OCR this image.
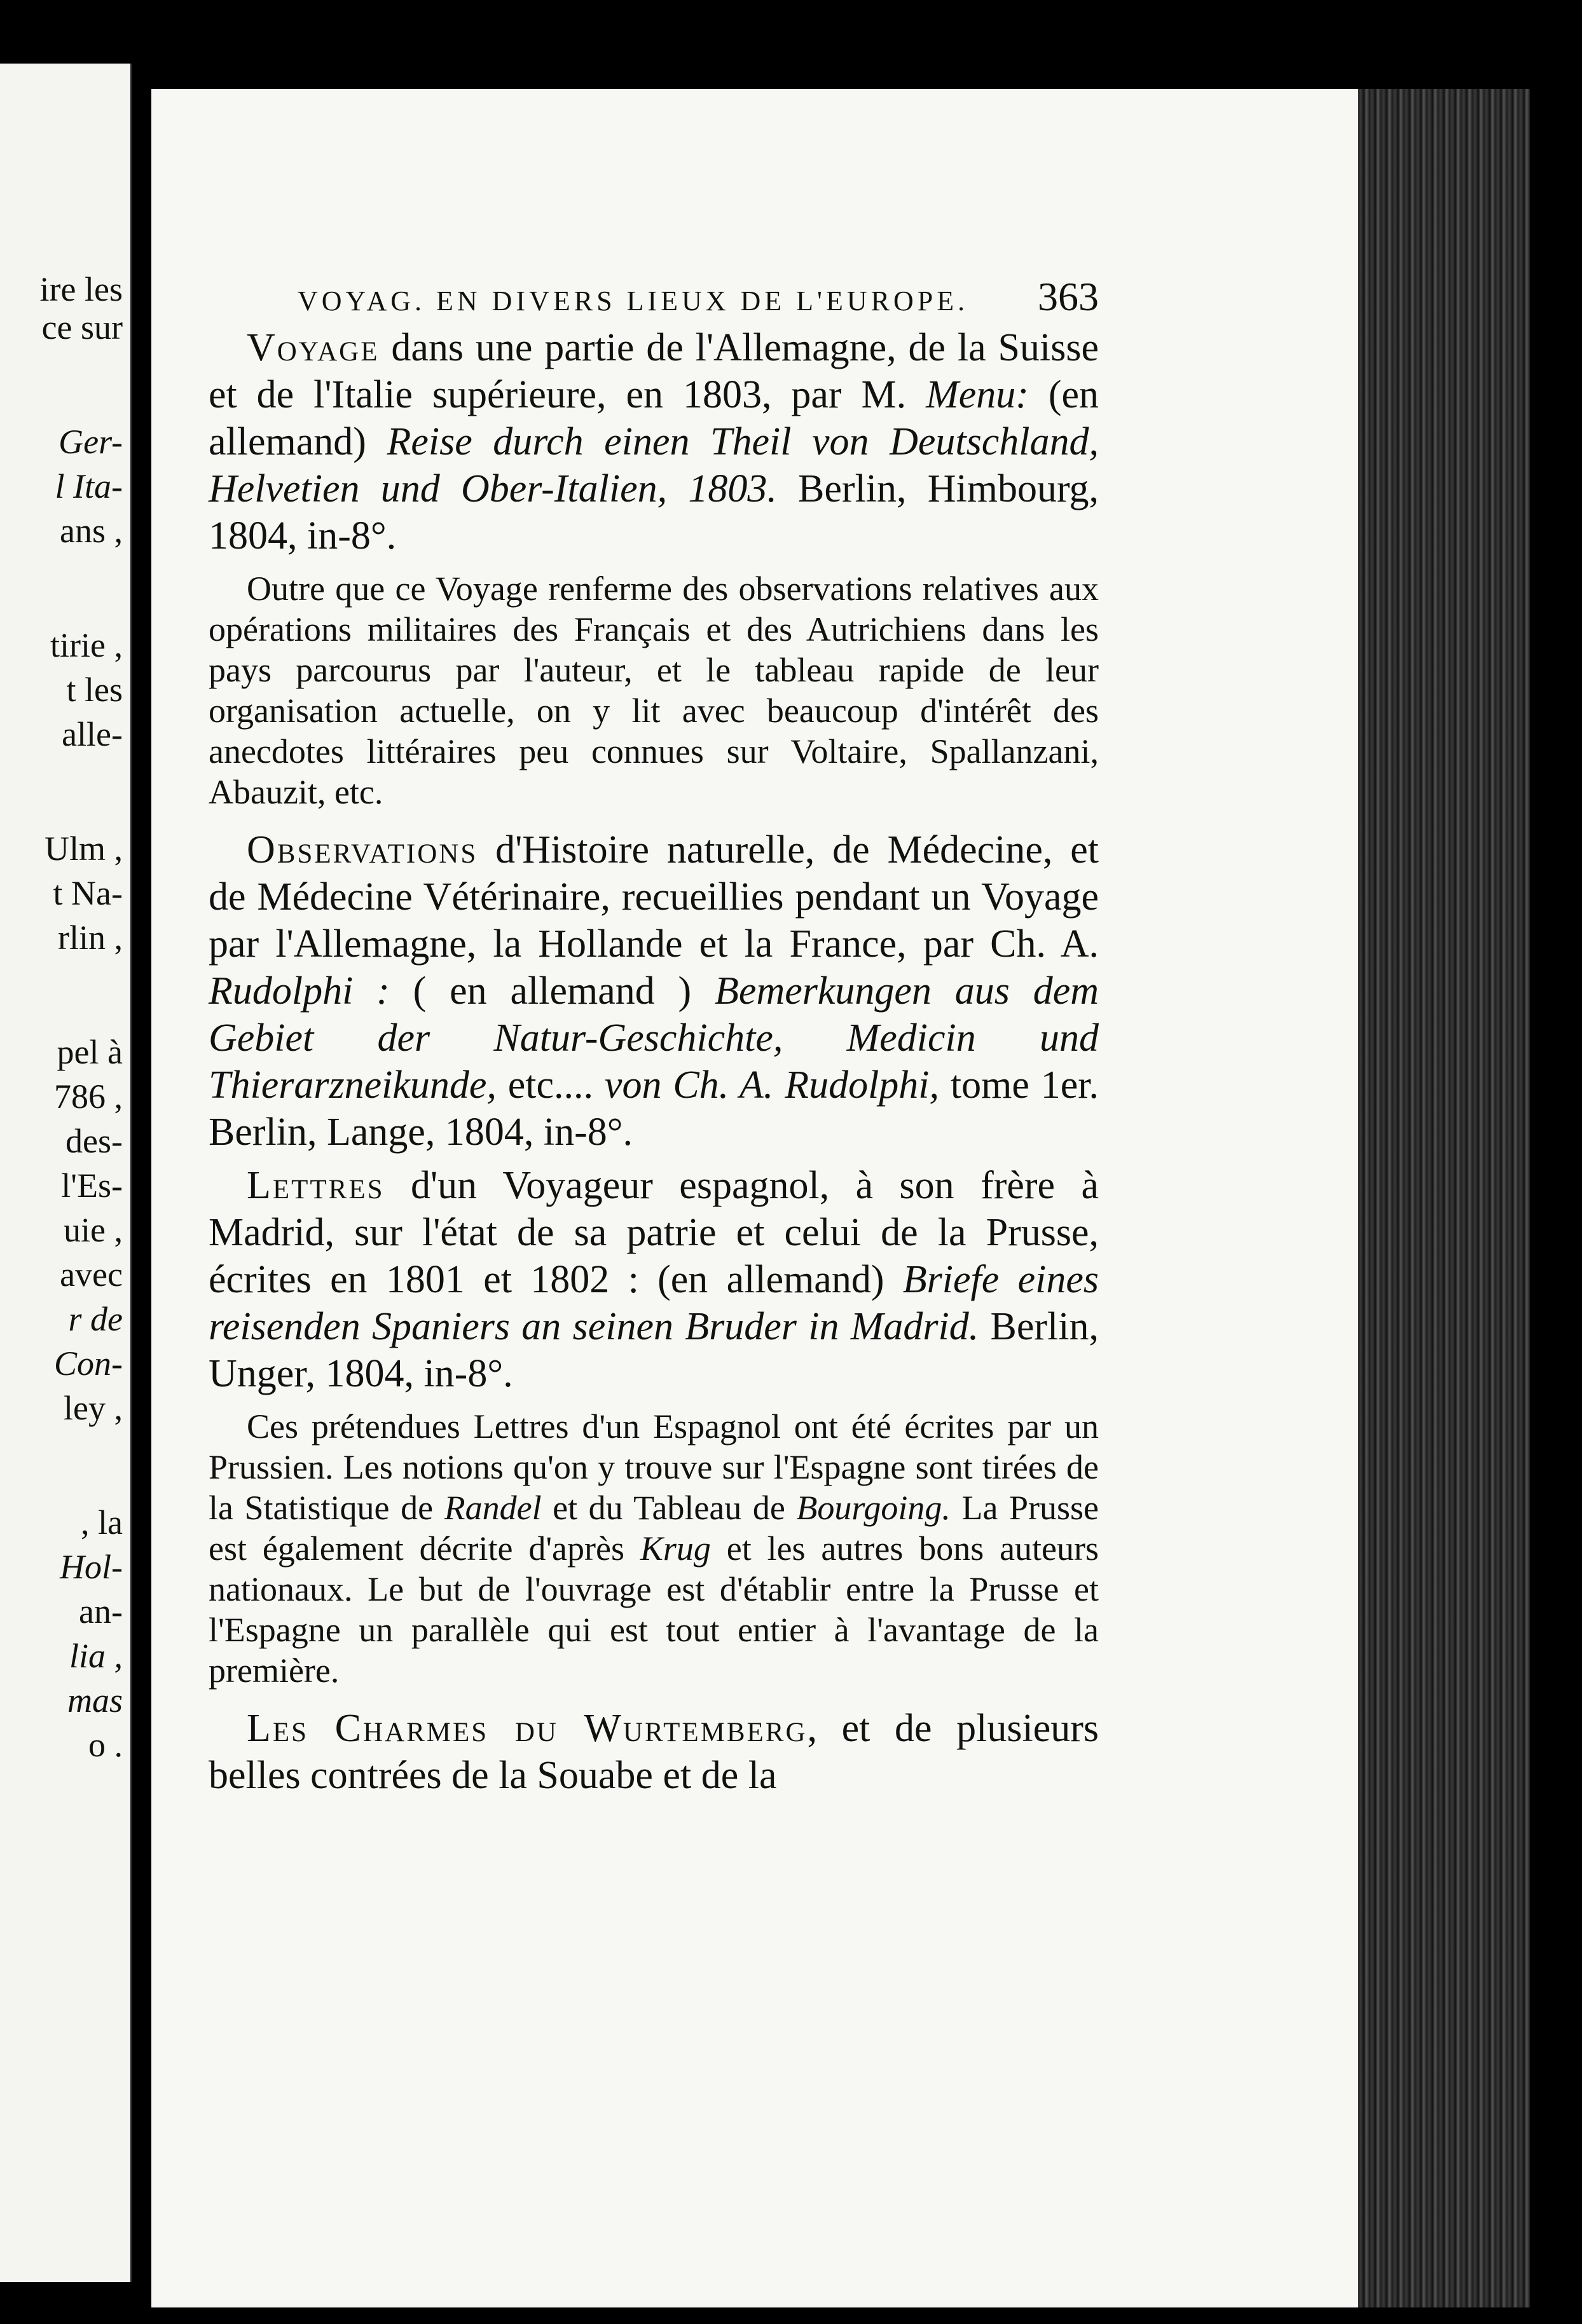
ire les
ce sur
Ger-
l Ita-
ans ,
tirie ,
t les
alle-
Ulm ,
t Na-
rlin ,
pel à
786 ,
des-
l'Es-
uie ,
avec
r de
Con-
ley ,
, la
Hol-
an-
lia ,
mas
o .
VOYAG. EN DIVERS LIEUX DE L'EUROPE. 363

Voyage dans une partie de l'Allemagne, de la Suisse et de l'Italie supérieure, en 1803, par M. Menu: (en allemand) Reise durch einen Theil von Deutschland, Helvetien und Ober-Italien, 1803. Berlin, Himbourg, 1804, in-8°.

Outre que ce Voyage renferme des observations relatives aux opérations militaires des Français et des Autrichiens dans les pays parcourus par l'auteur, et le tableau rapide de leur organisation actuelle, on y lit avec beaucoup d'intérêt des anecdotes littéraires peu connues sur Voltaire, Spallanzani, Abauzit, etc.

Observations d'Histoire naturelle, de Médecine, et de Médecine Vétérinaire, recueillies pendant un Voyage par l'Allemagne, la Hollande et la France, par Ch. A. Rudolphi : ( en allemand ) Bemerkungen aus dem Gebiet der Natur-Geschichte, Medicin und Thierarzneikunde, etc.... von Ch. A. Rudolphi, tome 1er. Berlin, Lange, 1804, in-8°.

Lettres d'un Voyageur espagnol, à son frère à Madrid, sur l'état de sa patrie et celui de la Prusse, écrites en 1801 et 1802 : (en allemand) Briefe eines reisenden Spaniers an seinen Bruder in Madrid. Berlin, Unger, 1804, in-8°.

Ces prétendues Lettres d'un Espagnol ont été écrites par un Prussien. Les notions qu'on y trouve sur l'Espagne sont tirées de la Statistique de Randel et du Tableau de Bourgoing. La Prusse est également décrite d'après Krug et les autres bons auteurs nationaux. Le but de l'ouvrage est d'établir entre la Prusse et l'Espagne un parallèle qui est tout entier à l'avantage de la première.

Les Charmes du Wurtemberg, et de plusieurs belles contrées de la Souabe et de la
